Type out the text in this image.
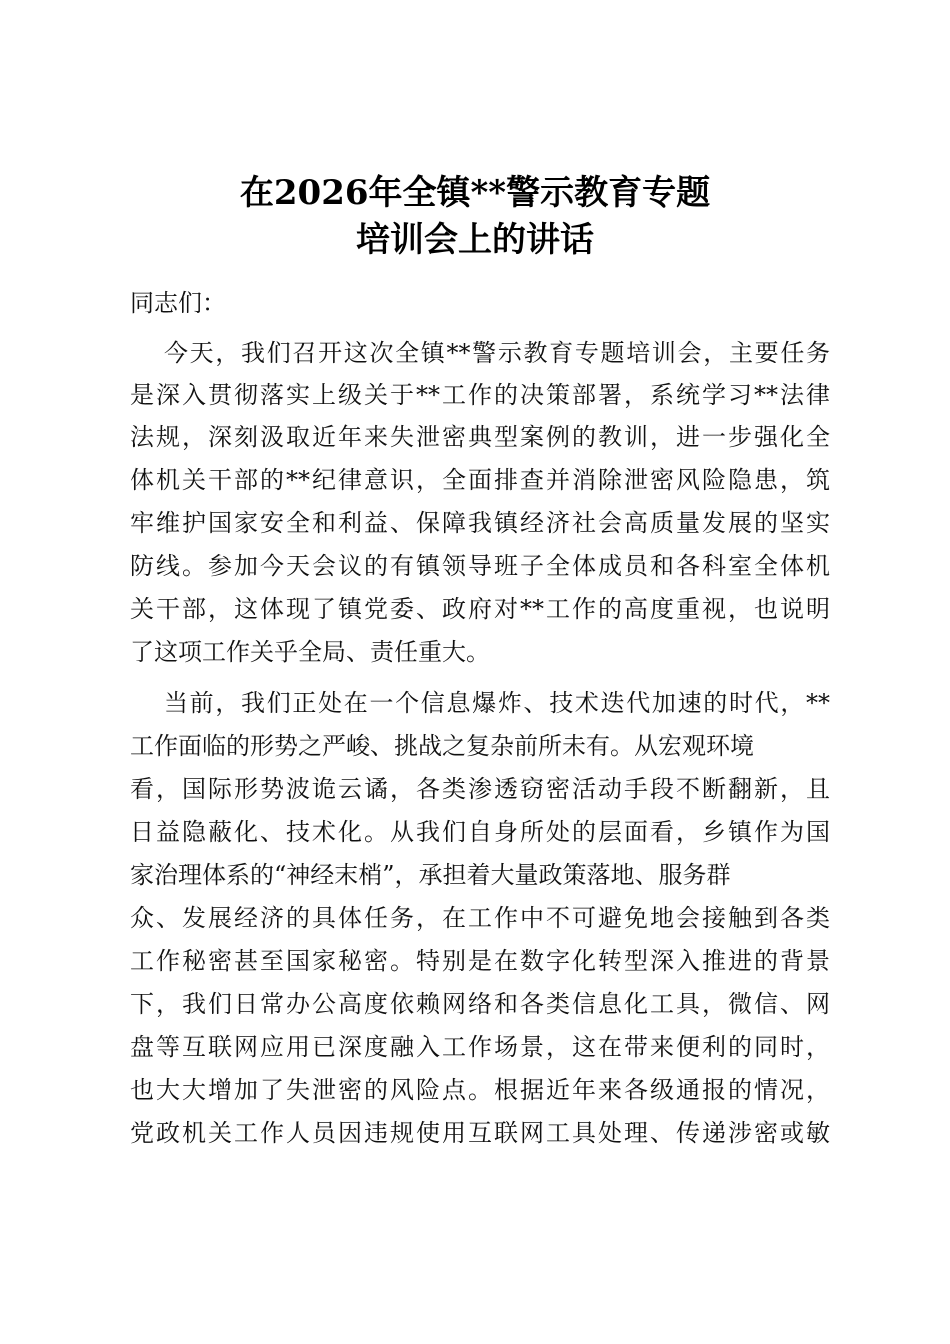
在2026年全镇**警示教育专题
培训会上的讲话
同志们：
今天，我们召开这次全镇**警示教育专题培训会，主要任务
是深入贯彻落实上级关于**工作的决策部署，系统学习**法律
法规，深刻汲取近年来失泄密典型案例的教训，进一步强化全
体机关干部的**纪律意识，全面排查并消除泄密风险隐患，筑
牢维护国家安全和利益、保障我镇经济社会高质量发展的坚实
防线。参加今天会议的有镇领导班子全体成员和各科室全体机
关干部，这体现了镇党委、政府对**工作的高度重视，也说明
了这项工作关乎全局、责任重大。
当前，我们正处在一个信息爆炸、技术迭代加速的时代，**
工作面临的形势之严峻、挑战之复杂前所未有。从宏观环境
看，国际形势波诡云谲，各类渗透窃密活动手段不断翻新，且
日益隐蔽化、技术化。从我们自身所处的层面看，乡镇作为国
家治理体系的“神经末梢”，承担着大量政策落地、服务群
众、发展经济的具体任务，在工作中不可避免地会接触到各类
工作秘密甚至国家秘密。特别是在数字化转型深入推进的背景
下，我们日常办公高度依赖网络和各类信息化工具，微信、网
盘等互联网应用已深度融入工作场景，这在带来便利的同时，
也大大增加了失泄密的风险点。根据近年来各级通报的情况，
党政机关工作人员因违规使用互联网工具处理、传递涉密或敏
